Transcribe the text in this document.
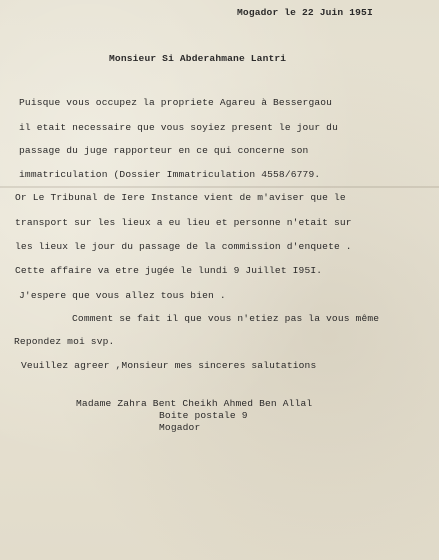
Mogador le 22 Juin 195I
Monsieur Si Abderahmane Lantri
Puisque vous occupez la propriete Agareu à Bessergaou
il etait necessaire que vous soyiez present le jour du
passage du juge rapporteur en ce qui concerne son
immatriculation (Dossier Immatriculation 4558/6779.
Or Le Tribunal de Iere Instance vient de m'aviser que le
transport sur les lieux a eu lieu et personne n'etait sur
les lieux le jour du passage de la commission d'enquete .
Cette affaire va etre jugée le lundi 9 Juillet I95I.
J'espere que vous allez tous bien .
Comment se fait il que vous n'etiez pas la vous même
Repondez moi svp.
Veuillez agreer ,Monsieur mes sinceres salutations
Madame Zahra Bent Cheikh Ahmed Ben Allal
Boite postale 9
Mogador
